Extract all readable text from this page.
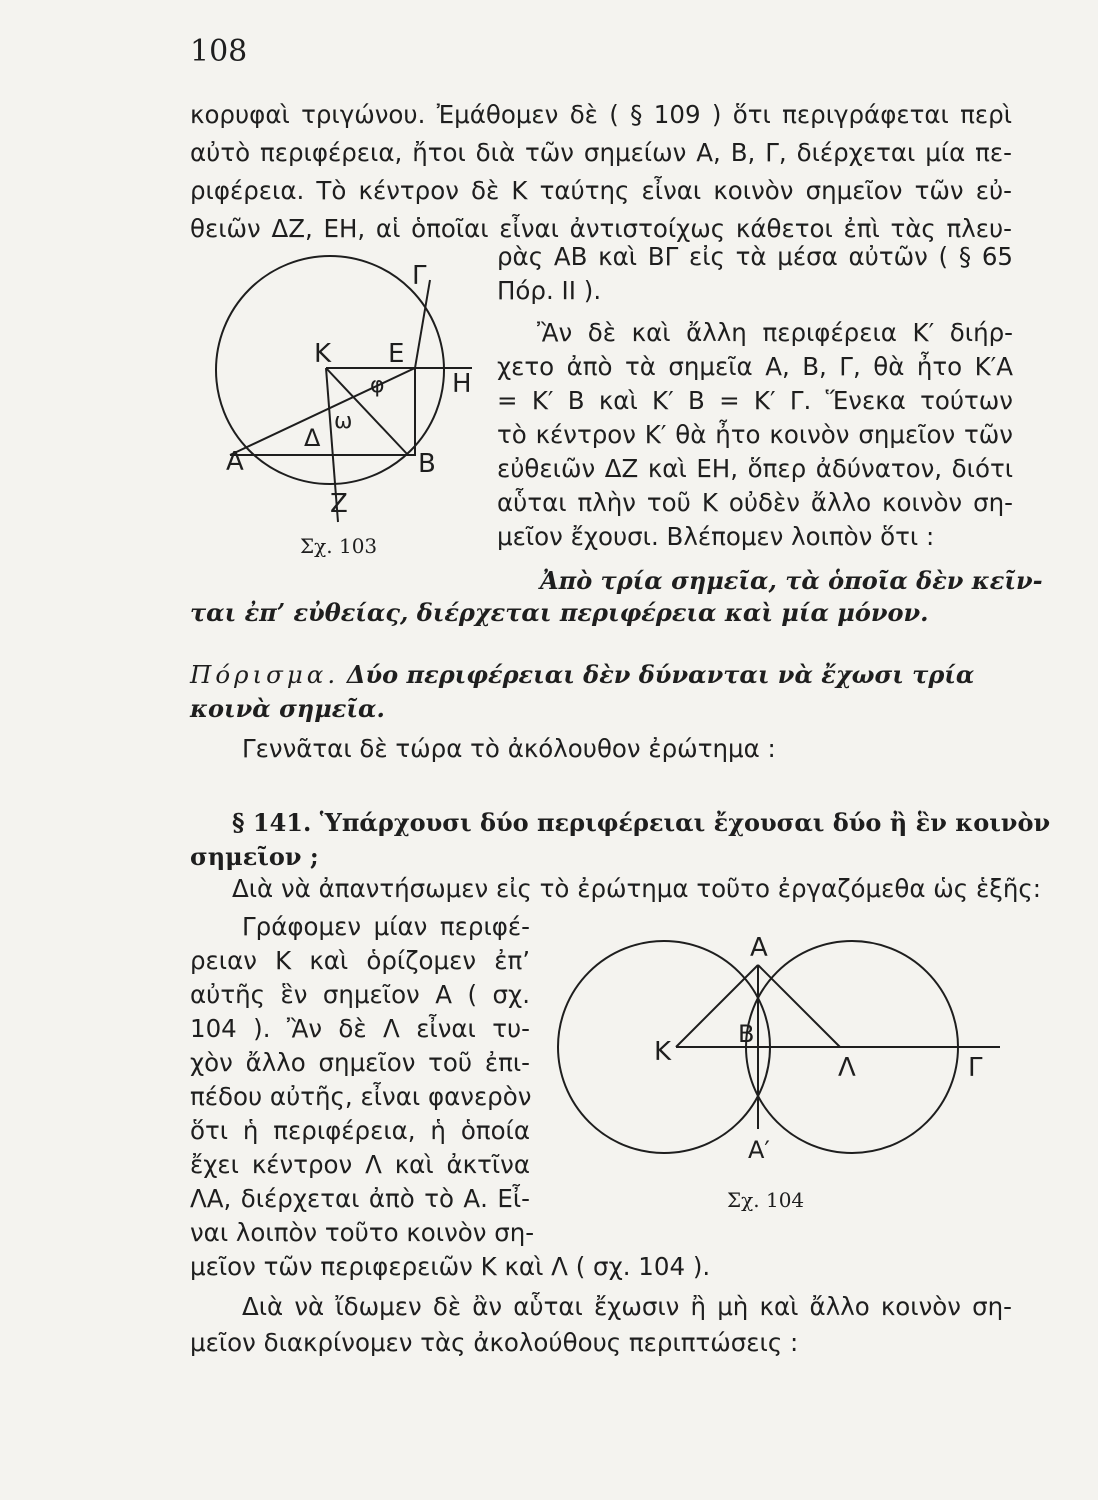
108
κορυφαὶ τριγώνου. Ἐμάθομεν δὲ ( § 109 ) ὅτι περιγράφεται περὶ
αὐτὸ περιφέρεια, ἤτοι διὰ τῶν σημείων Α, Β, Γ, διέρχεται μία πε-
ριφέρεια. Τὸ κέντρον δὲ Κ ταύτης εἶναι κοινὸν σημεῖον τῶν εὐ-
θειῶν ΔΖ, ΕΗ, αἱ ὁποῖαι εἶναι ἀντιστοίχως κάθετοι ἐπὶ τὰς πλευ-
ρὰς ΑΒ καὶ ΒΓ εἰς τὰ μέσα αὐτῶν ( § 65
Πόρ. ΙΙ ).
Ἂν δὲ καὶ ἄλλη περιφέρεια Κ′ διήρ-
χετο ἀπὸ τὰ σημεῖα Α, Β, Γ, θὰ ἦτο Κ′Α
= Κ′ Β καὶ Κ′ Β = Κ′ Γ. Ἕνεκα τούτων
τὸ κέντρον Κ′ θὰ ἦτο κοινὸν σημεῖον τῶν
εὐθειῶν ΔΖ καὶ ΕΗ, ὅπερ ἀδύνατον, διότι
αὗται πλὴν τοῦ Κ οὐδὲν ἄλλο κοινὸν ση-
μεῖον ἔχουσι. Βλέπομεν λοιπὸν ὅτι :
Γ
Κ Ε
φ	Η
ω
Δ
Α	Β
Ζ
Σχ. 103
Ἀπὸ τρία σημεῖα, τὰ ὁποῖα δὲν κεῖν-
ται ἐπ’ εὐθείας, διέρχεται περιφέρεια καὶ μία μόνον.
Πόρισμα. Δύο περιφέρειαι δὲν δύνανται νὰ ἔχωσι τρία
κοινὰ σημεῖα.
Γεννᾶται δὲ τώρα τὸ ἀκόλουθον ἐρώτημα :
§ 141. Ὑπάρχουσι δύο περιφέρειαι ἔχουσαι δύο ἢ ἓν κοινὸν
σημεῖον ;
Διὰ νὰ ἀπαντήσωμεν εἰς τὸ ἐρώτημα τοῦτο ἐργαζόμεθα ὡς ἑξῆς:
Γράφομεν μίαν περιφέ-
ρειαν Κ καὶ ὁρίζομεν ἐπ’
αὐτῆς ἓν σημεῖον Α ( σχ.
104 ). Ἂν δὲ Λ εἶναι τυ-
χὸν ἄλλο σημεῖον τοῦ ἐπι-
πέδου αὐτῆς, εἶναι φανερὸν
ὅτι ἡ περιφέρεια, ἡ ὁποία
ἔχει κέντρον Λ καὶ ἀκτῖνα
ΛΑ, διέρχεται ἀπὸ τὸ Α. Εἶ-
ναι λοιπὸν τοῦτο κοινὸν ση-
Α
Β
Κ
Λ	Γ
Α′
Σχ. 104
μεῖον τῶν περιφερειῶν Κ καὶ Λ ( σχ. 104 ).
Διὰ νὰ ἴδωμεν δὲ ἂν αὗται ἔχωσιν ἢ μὴ καὶ ἄλλο κοινὸν ση-
μεῖον διακρίνομεν τὰς ἀκολούθους περιπτώσεις :
